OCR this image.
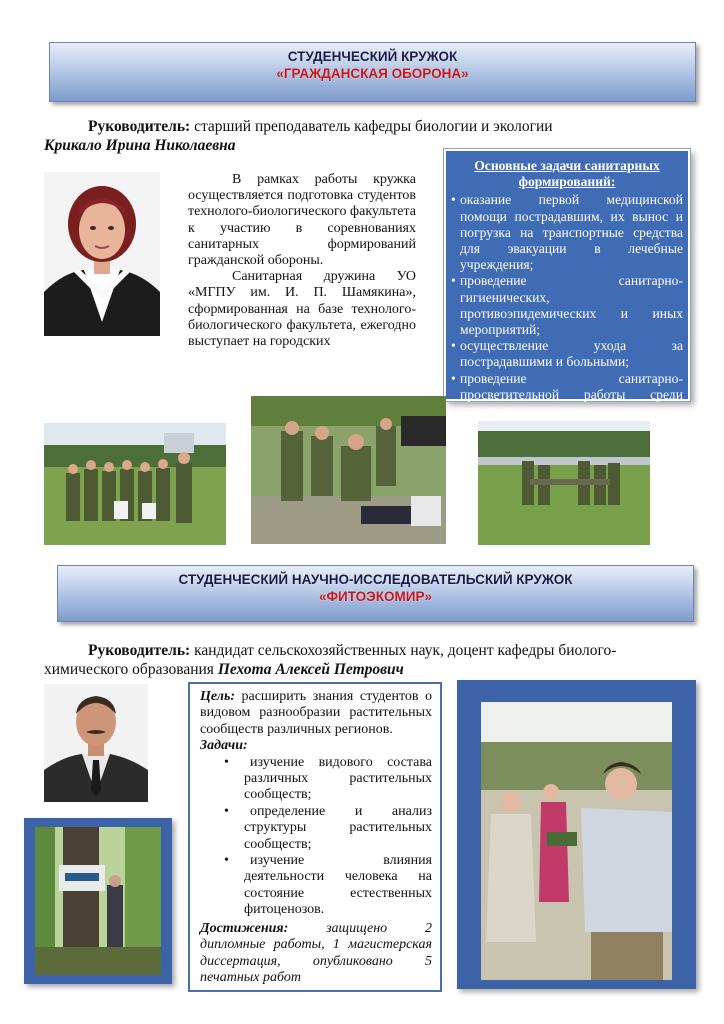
СТУДЕНЧЕСКИЙ КРУЖОК
«ГРАЖДАНСКАЯ ОБОРОНА»
Руководитель: старший преподаватель кафедры биологии и экологии
Крикало Ирина Николаевна
В рамках работы кружка осуществляется подготовка студентов технолого-биологического факультета к участию в соревнованиях санитарных формирований гражданской обороны.
Санитарная дружина УО «МГПУ им. И. П. Шамякина», сформированная на базе технолого-биологического факультета, ежегодно выступает на городских
Основные задачи санитарных формирований:
• оказание первой медицинской помощи пострадавшим, их вынос и погрузка на транспортные средства для эвакуации в лечебные учреждения;
• проведение санитарно-гигиенических, противоэпидемических и иных мероприятий;
• осуществление ухода за пострадавшими и больными;
• проведение санитарно-просветительной работы среди населения.
СТУДЕНЧЕСКИЙ НАУЧНО-ИССЛЕДОВАТЕЛЬСКИЙ КРУЖОК
«ФИТОЭКОМИР»
Руководитель: кандидат сельскохозяйственных наук, доцент кафедры биолого-
химического образования Пехота Алексей Петрович
Цель: расширить знания студентов о видовом разнообразии растительных сообществ различных регионов.
Задачи:
• изучение видового состава различных растительных сообществ;
• определение и анализ структуры растительных сообществ;
• изучение влияния деятельности человека на состояние естественных фитоценозов.
Достижения: защищено 2 дипломные работы, 1 магистерская диссертация, опубликовано 5 печатных работ
